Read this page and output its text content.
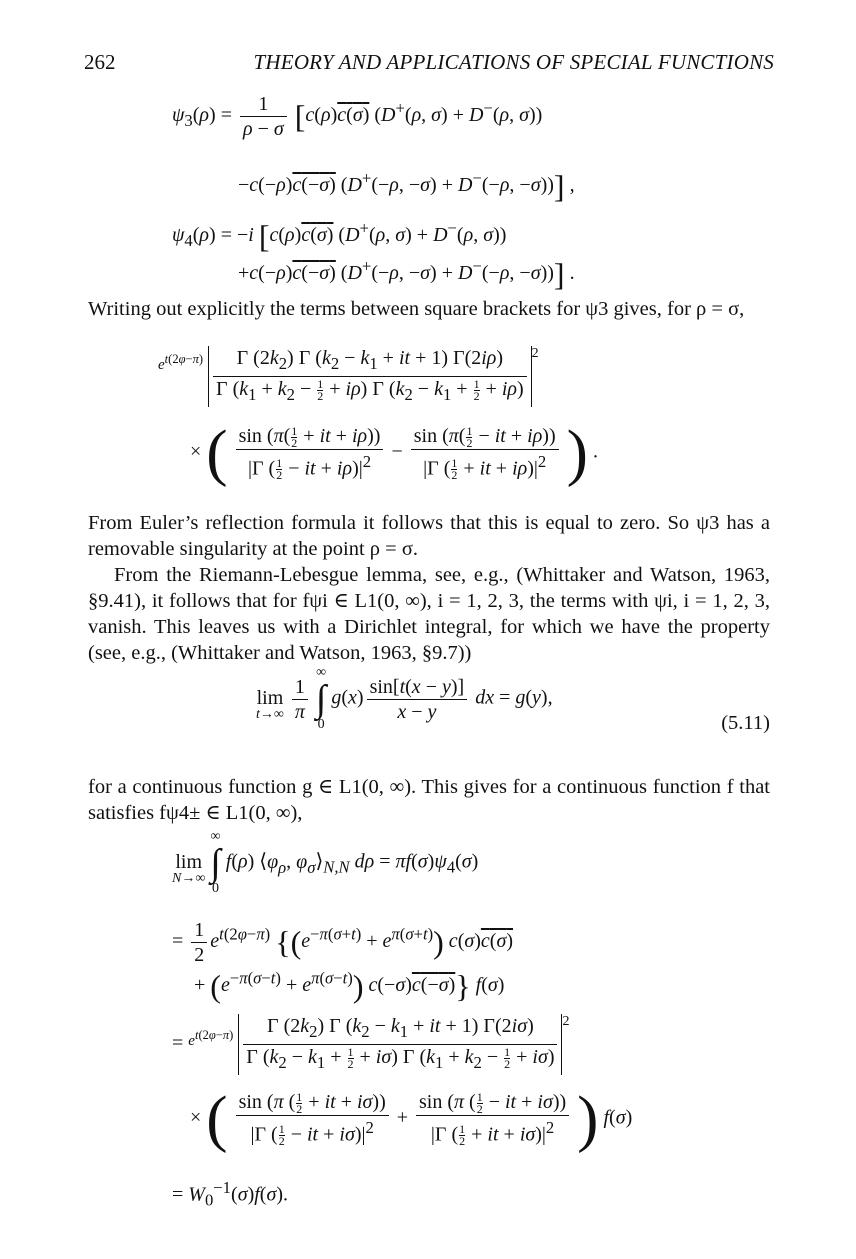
262	THEORY AND APPLICATIONS OF SPECIAL FUNCTIONS
$\psi_3(\rho) = \frac{1}{\rho - \sigma} [c(\rho)c(\sigma)$ (D+(ρ, σ) + D−(ρ, σ))
−c(−ρ)c(−σ) (D+(−ρ, −σ) + D−(−ρ, −σ))] ,
$\psi_4(\rho) = -i$ [c(ρ)c(σ) (D+(ρ, σ) + D−(ρ, σ))
+c(−ρ)c(−σ) (D+(−ρ, −σ) + D−(−ρ, −σ))] .
Writing out explicitly the terms between square brackets for ψ3 gives, for ρ = σ,
$^{e^{t(2\varphi-\pi)}} \frac{\Gamma (2k_2) \Gamma (k_2 - k_1 + it + 1) \Gamma(2i\rho)}{\Gamma (k_1 + k_2 - \frac{1}{2} + i\rho) \Gamma (k_2 - k_1 + \frac{1}{2} + i\rho)} ^2$
× ( $\frac{\sin (\pi( \frac{1}{2} + it + i\rho))}{|\Gamma ( \frac{1}{2} - it + i\rho)|^2} - \frac{\sin (\pi( \frac{1}{2} - it + i\rho))}{|\Gamma ( \frac{1}{2} + it + i\rho)|^2}$ ) .
From Euler’s reflection formula it follows that this is equal to zero. So ψ3 has a removable singularity at the point ρ = σ.
From the Riemann-Lebesgue lemma, see, e.g., (Whittaker and Watson, 1963, §9.41), it follows that for fψi ∈ L1(0, ∞), i = 1, 2, 3, the terms with ψi, i = 1, 2, 3, vanish. This leaves us with a Dirichlet integral, for which we have the property (see, e.g., (Whittaker and Watson, 1963, §9.7))

lim
$t\to\infty \frac{1}{\pi}$
∞
∫
0 $g(x) \frac{\sin[t(x - y)]}{x - y}$ dx = g(y),
(5.11)
for a continuous function g ∈ L1(0, ∞). This gives for a continuous function f that satisfies fψ4± ∈ L1(0, ∞),

lim
N→∞ ∞
∫
0 f(ρ) $⟨\varphi_\rho$, $\varphi_\sigma⟩_{N,N}$ $d\rho = \pi f(\sigma)\psi_4(\sigma)$
= $\frac{1}{2} e^{t(2\varphi-\pi)}$ {$(e^{-\pi(\sigma+t)} + e^{\pi(\sigma+t)})$ c(σ)c(σ)
+ $(e^{-\pi(\sigma-t)} + e^{\pi(\sigma-t)})$ c(−σ)c(−σ)} f(σ)
= $^{e^{t(2\varphi-\pi)}} \frac{\Gamma (2k_2) \Gamma (k_2 - k_1 + it + 1) \Gamma(2i\sigma)}{\Gamma (k_2 - k_1 + \frac{1}{2} + i\sigma) \Gamma (k_1 + k_2 - \frac{1}{2} + i\sigma)} ^2$
× ( $\frac{\sin (\pi ( \frac{1}{2} + it + i\sigma))}{|\Gamma ( \frac{1}{2} - it + i\sigma)|^2} + \frac{\sin (\pi ( \frac{1}{2} - it + i\sigma))}{|\Gamma ( \frac{1}{2} + it + i\sigma)|^2}$ ) f(σ)
= $W_0^{-1}(\sigma)f(\sigma)$.
